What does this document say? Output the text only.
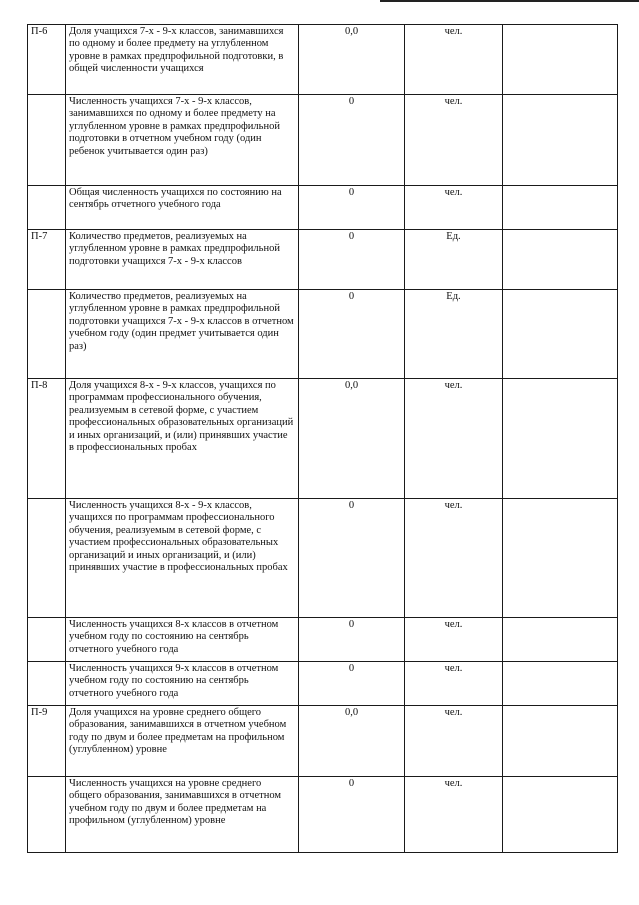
П-6	Доля учащихся 7-х - 9-х классов, занимавшихся по одному и более предмету на углубленном уровне в рамках предпрофильной подготовки, в общей численности учащихся	0,0	чел.	
	Численность учащихся 7-х - 9-х классов, занимавшихся по одному и более предмету на углубленном уровне в рамках предпрофильной подготовки в отчетном учебном году (один ребенок учитывается один раз)	0	чел.	
	Общая численность учащихся по состоянию на сентябрь отчетного учебного года	0	чел.	
П-7	Количество предметов, реализуемых на углубленном уровне в рамках предпрофильной подготовки учащихся 7-х - 9-х классов	0	Ед.	
	Количество предметов, реализуемых на углубленном уровне в рамках предпрофильной подготовки учащихся 7-х - 9-х классов в отчетном учебном году (один предмет учитывается один раз)	0	Ед.	
П-8	Доля учащихся 8-х - 9-х классов, учащихся по программам профессионального обучения, реализуемым в сетевой форме, с участием профессиональных образовательных организаций и иных организаций, и (или) принявших участие в профессиональных пробах	0,0	чел.	
	Численность учащихся 8-х - 9-х классов, учащихся по программам профессионального обучения, реализуемым в сетевой форме, с участием профессиональных образовательных организаций и иных организаций, и (или) принявших участие в профессиональных пробах	0	чел.	
	Численность учащихся 8-х классов в отчетном учебном году по состоянию на сентябрь отчетного учебного года	0	чел.	
	Численность учащихся 9-х классов в отчетном учебном году по состоянию на сентябрь отчетного учебного года	0	чел.	
П-9	Доля учащихся на уровне среднего общего образования, занимавшихся в отчетном учебном году по двум и более предметам на профильном (углубленном) уровне	0,0	чел.	
	Численность учащихся на уровне среднего общего образования, занимавшихся в отчетном учебном году по двум и более предметам на профильном (углубленном) уровне	0	чел.	
